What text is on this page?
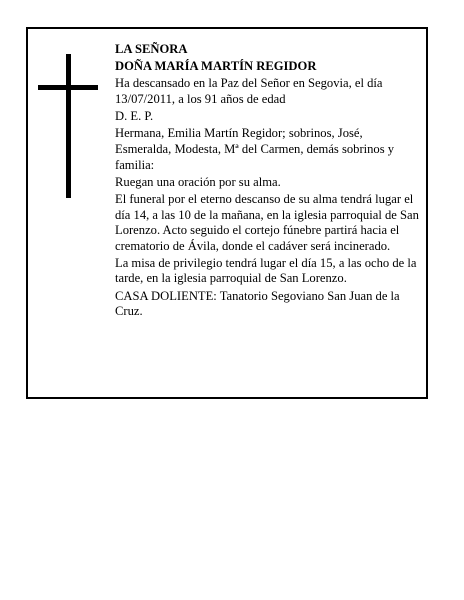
LA SEÑORA

DOÑA MARÍA MARTÍN REGIDOR

Ha descansado en la Paz del Señor en Segovia, el día 13/07/2011, a los 91 años de edad

D. E. P.

Hermana, Emilia Martín Regidor; sobrinos, José, Esmeralda, Modesta, Mª del Carmen, demás sobrinos y familia:

Ruegan una oración por su alma.

El funeral por el eterno descanso de su alma tendrá lugar el día 14, a las 10 de la mañana, en la iglesia parroquial de San Lorenzo. Acto seguido el cortejo fúnebre partirá hacia el crematorio de Ávila, donde el cadáver será incinerado.

La misa de privilegio tendrá lugar el día 15, a las ocho de la tarde, en la iglesia parroquial de San Lorenzo.

CASA DOLIENTE: Tanatorio Segoviano San Juan de la Cruz.
